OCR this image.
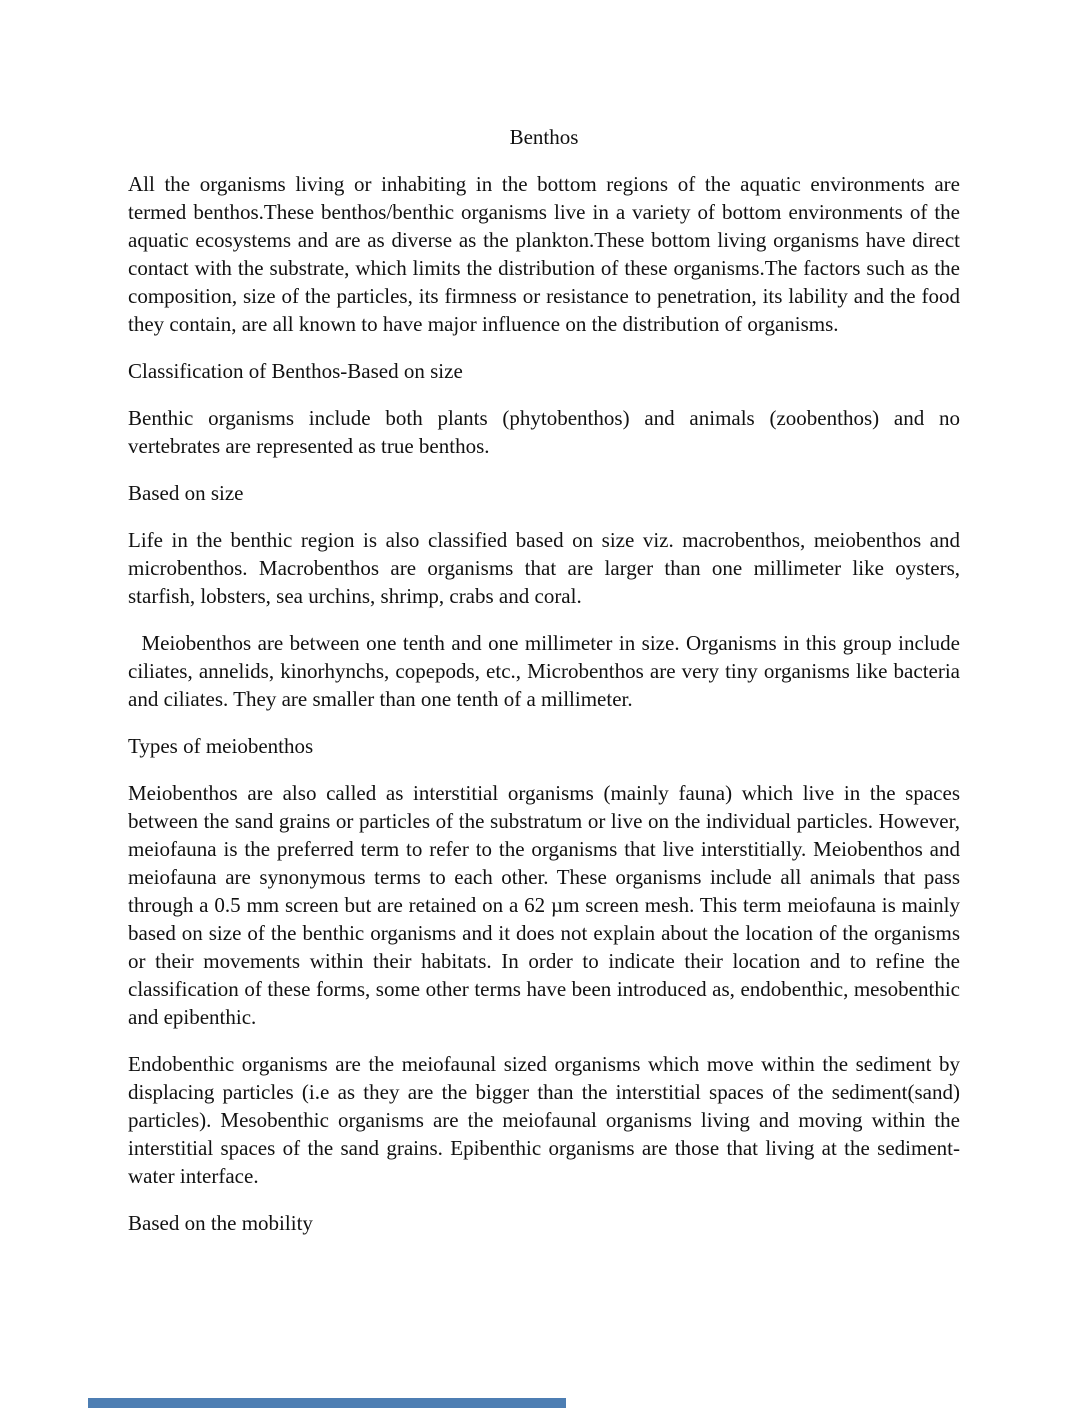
Benthos

All the organisms living or inhabiting in the bottom regions of the aquatic environments are termed benthos.These benthos/benthic organisms live in a variety of bottom environments of the aquatic ecosystems and are as diverse as the plankton.These bottom living organisms have direct contact with the substrate, which limits the distribution of these organisms.The factors such as the composition, size of the particles, its firmness or resistance to penetration, its lability and the food they contain, are all known to have major influence on the distribution of organisms.

Classification of Benthos-Based on size

Benthic organisms include both plants (phytobenthos) and animals (zoobenthos) and no vertebrates are represented as true benthos.

Based on size

Life in the benthic region is also classified based on size viz. macrobenthos, meiobenthos and microbenthos. Macrobenthos are organisms that are larger than one millimeter like oysters, starfish, lobsters, sea urchins, shrimp, crabs and coral.

Meiobenthos are between one tenth and one millimeter in size. Organisms in this group include ciliates, annelids, kinorhynchs, copepods, etc., Microbenthos are very tiny organisms like bacteria and ciliates. They are smaller than one tenth of a millimeter.

Types of meiobenthos

Meiobenthos are also called as interstitial organisms (mainly fauna) which live in the spaces between the sand grains or particles of the substratum or live on the individual particles. However, meiofauna is the preferred term to refer to the organisms that live interstitially. Meiobenthos and meiofauna are synonymous terms to each other. These organisms include all animals that pass through a 0.5 mm screen but are retained on a 62 µm screen mesh. This term meiofauna is mainly based on size of the benthic organisms and it does not explain about the location of the organisms or their movements within their habitats. In order to indicate their location and to refine the classification of these forms, some other terms have been introduced as, endobenthic, mesobenthic and epibenthic.

Endobenthic organisms are the meiofaunal sized organisms which move within the sediment by displacing particles (i.e as they are the bigger than the interstitial spaces of the sediment(sand) particles). Mesobenthic organisms are the meiofaunal organisms living and moving within the interstitial spaces of the sand grains. Epibenthic organisms are those that living at the sediment-water interface.

Based on the mobility
